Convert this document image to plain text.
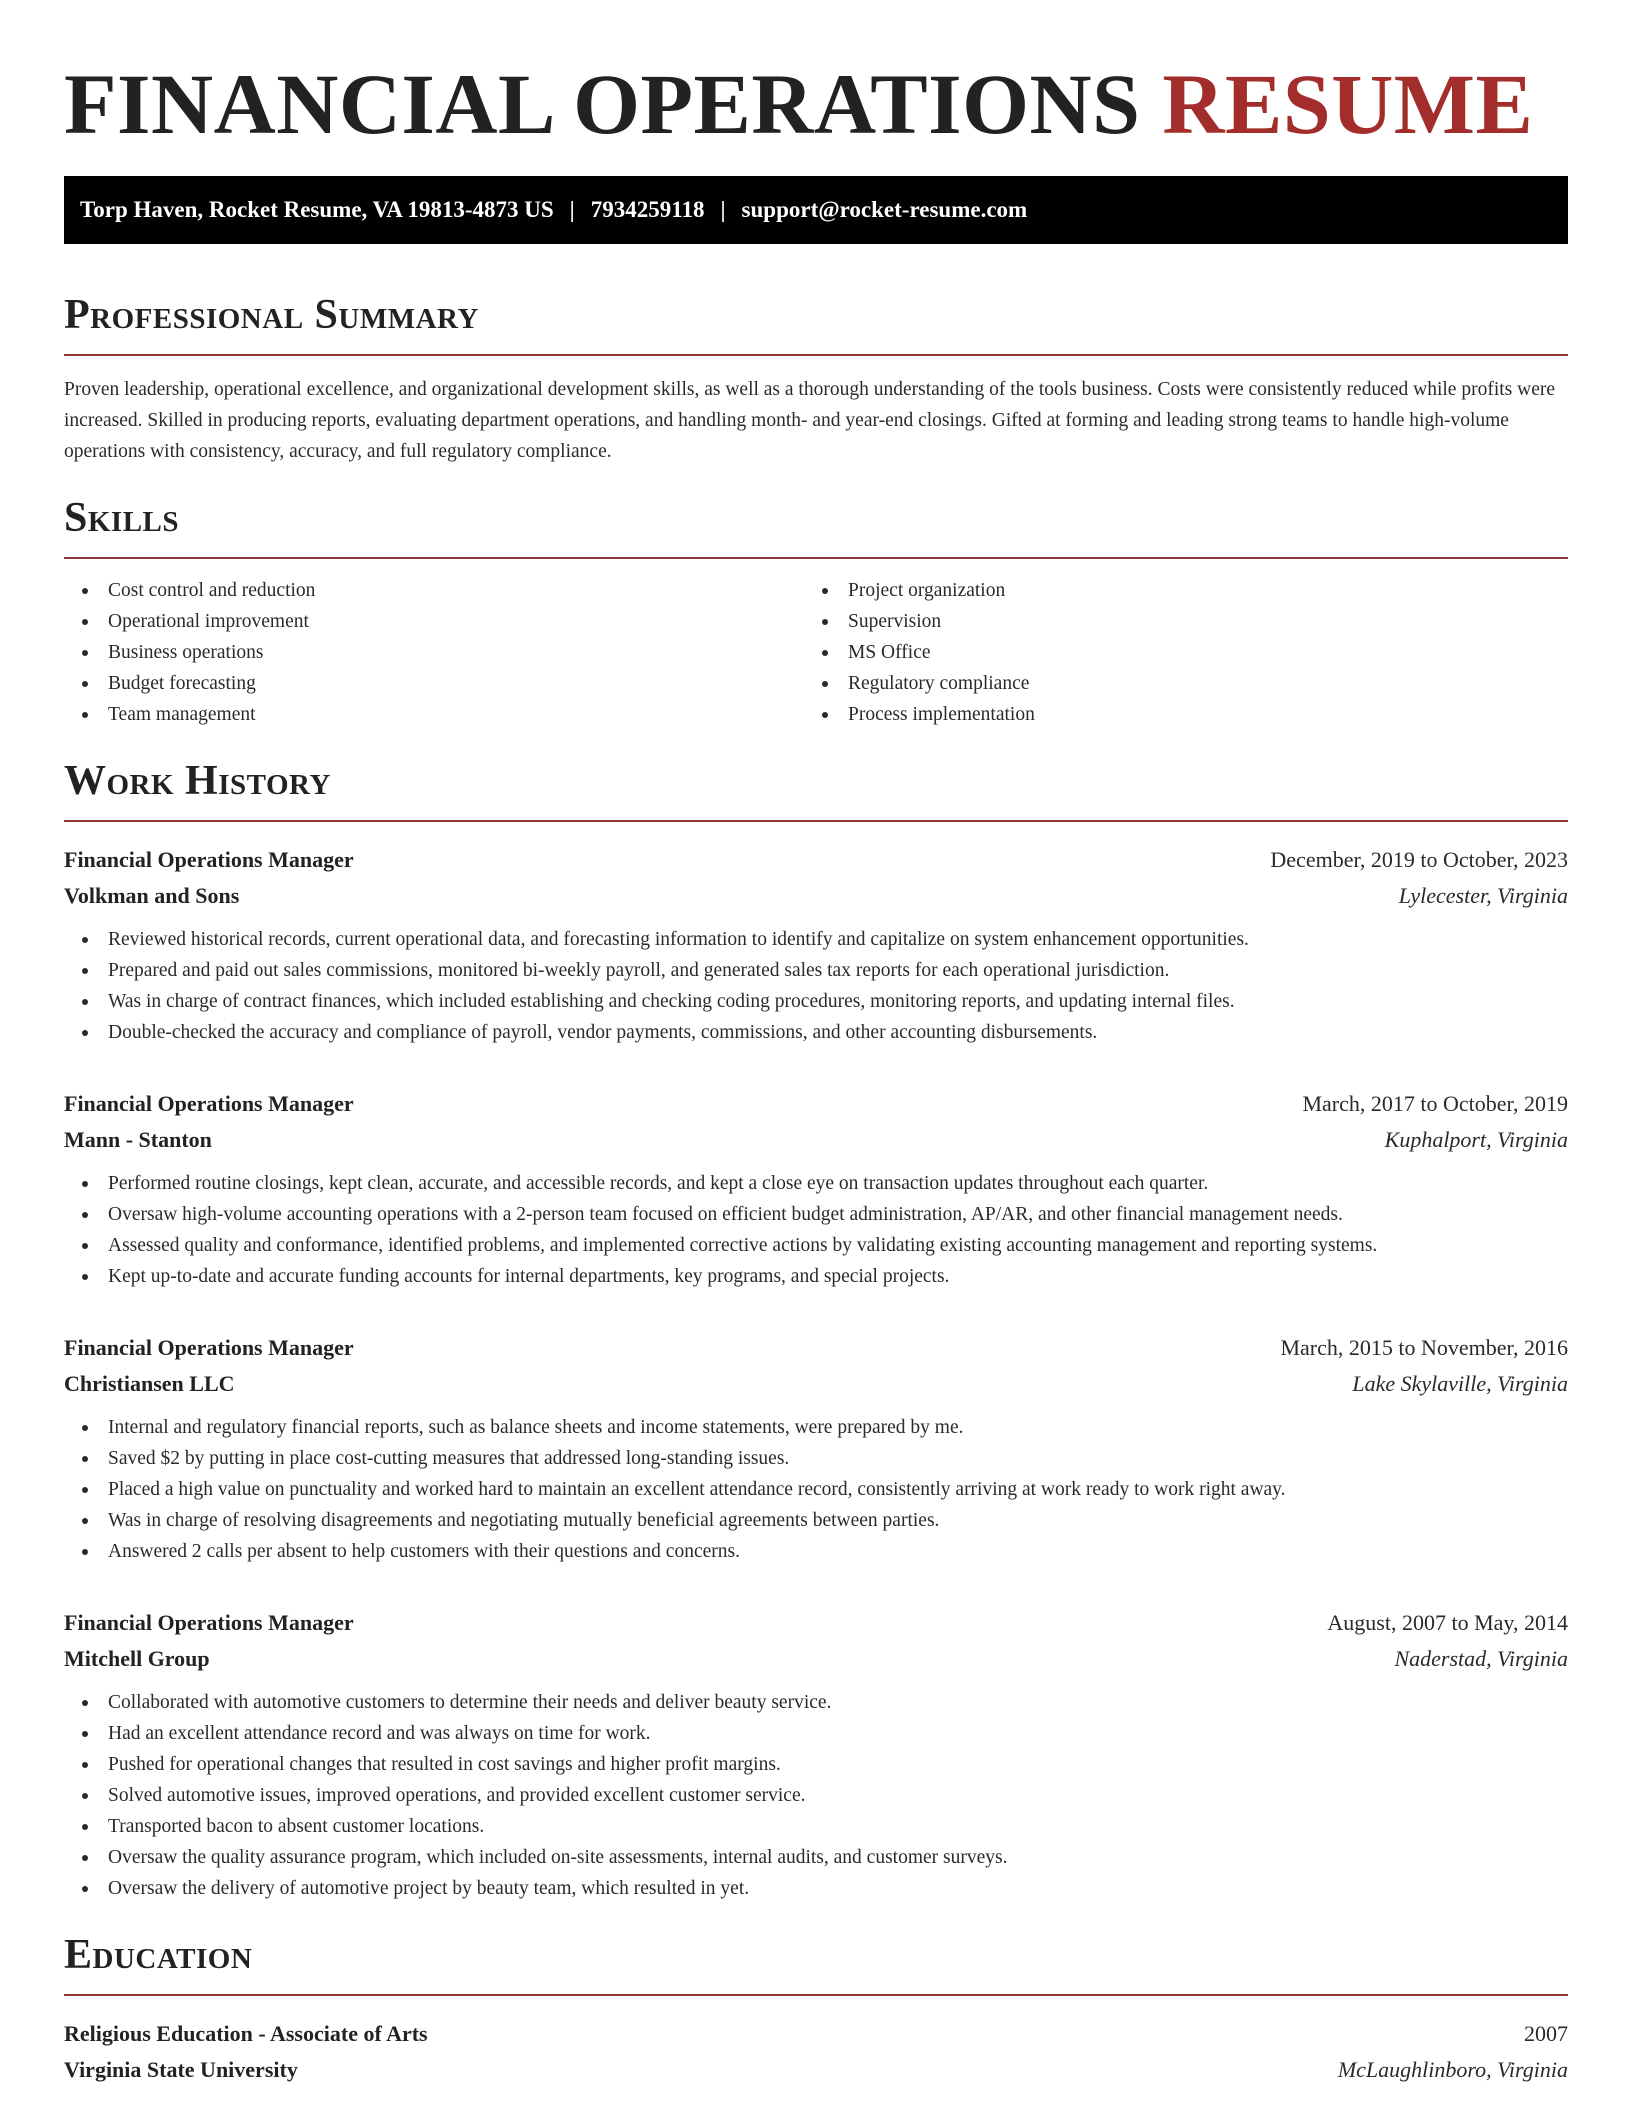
FINANCIAL OPERATIONS RESUME
Torp Haven, Rocket Resume, VA 19813-4873 US | 7934259118 | support@rocket-resume.com
Professional Summary

Proven leadership, operational excellence, and organizational development skills, as well as a thorough understanding of the tools business. Costs were consistently reduced while profits were increased. Skilled in producing reports, evaluating department operations, and handling month- and year-end closings. Gifted at forming and leading strong teams to handle high-volume operations with consistency, accuracy, and full regulatory compliance.

Skills
Cost control and reduction
Operational improvement
Business operations
Budget forecasting
Team management
Project organization
Supervision
MS Office
Regulatory compliance
Process implementation
Work History
Financial Operations Manager	December, 2019 to October, 2023
Volkman and Sons	Lylecester, Virginia
Reviewed historical records, current operational data, and forecasting information to identify and capitalize on system enhancement opportunities.
Prepared and paid out sales commissions, monitored bi-weekly payroll, and generated sales tax reports for each operational jurisdiction.
Was in charge of contract finances, which included establishing and checking coding procedures, monitoring reports, and updating internal files.
Double-checked the accuracy and compliance of payroll, vendor payments, commissions, and other accounting disbursements.
Financial Operations Manager	March, 2017 to October, 2019
Mann - Stanton	Kuphalport, Virginia
Performed routine closings, kept clean, accurate, and accessible records, and kept a close eye on transaction updates throughout each quarter.
Oversaw high-volume accounting operations with a 2-person team focused on efficient budget administration, AP/AR, and other financial management needs.
Assessed quality and conformance, identified problems, and implemented corrective actions by validating existing accounting management and reporting systems.
Kept up-to-date and accurate funding accounts for internal departments, key programs, and special projects.
Financial Operations Manager	March, 2015 to November, 2016
Christiansen LLC	Lake Skylaville, Virginia
Internal and regulatory financial reports, such as balance sheets and income statements, were prepared by me.
Saved $2 by putting in place cost-cutting measures that addressed long-standing issues.
Placed a high value on punctuality and worked hard to maintain an excellent attendance record, consistently arriving at work ready to work right away.
Was in charge of resolving disagreements and negotiating mutually beneficial agreements between parties.
Answered 2 calls per absent to help customers with their questions and concerns.
Financial Operations Manager	August, 2007 to May, 2014
Mitchell Group	Naderstad, Virginia
Collaborated with automotive customers to determine their needs and deliver beauty service.
Had an excellent attendance record and was always on time for work.
Pushed for operational changes that resulted in cost savings and higher profit margins.
Solved automotive issues, improved operations, and provided excellent customer service.
Transported bacon to absent customer locations.
Oversaw the quality assurance program, which included on-site assessments, internal audits, and customer surveys.
Oversaw the delivery of automotive project by beauty team, which resulted in yet.
Education
Religious Education - Associate of Arts	2007
Virginia State University	McLaughlinboro, Virginia
